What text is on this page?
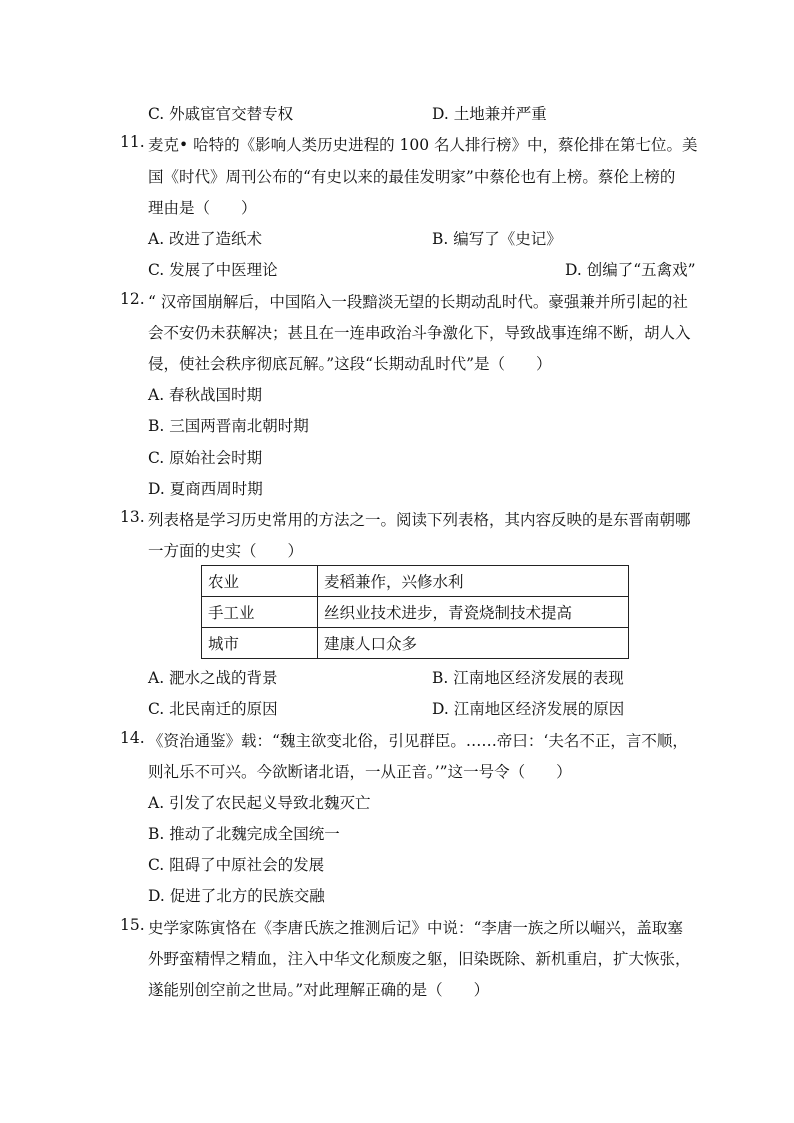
C. 外戚宦官交替专权	D. 土地兼并严重
11. 麦克• 哈特的《影响人类历史进程的 100 名人排行榜》中，蔡伦排在第七位。美
国《时代》周刊公布的“有史以来的最佳发明家”中蔡伦也有上榜。蔡伦上榜的
理由是（　　）
A. 改进了造纸术	B. 编写了《史记》
C. 发展了中医理论	D. 创编了“五禽戏”
12. “ 汉帝国崩解后，中国陷入一段黯淡无望的长期动乱时代。豪强兼并所引起的社
会不安仍未获解决；甚且在一连串政治斗争激化下，导致战事连绵不断，胡人入
侵，使社会秩序彻底瓦解。”这段“长期动乱时代”是（　　）
A. 春秋战国时期
B. 三国两晋南北朝时期
C. 原始社会时期
D. 夏商西周时期
13. 列表格是学习历史常用的方法之一。阅读下列表格，其内容反映的是东晋南朝哪
一方面的史实（　　）
农业	麦稻兼作，兴修水利
手工业	丝织业技术进步，青瓷烧制技术提高
城市	建康人口众多
A. 淝水之战的背景	B. 江南地区经济发展的表现
C. 北民南迁的原因	D. 江南地区经济发展的原因
14. 《资治通鉴》载：“魏主欲变北俗，引见群臣。……帝曰：‘夫名不正，言不顺，
则礼乐不可兴。今欲断诸北语，一从正音。’”这一号令（　　）
A. 引发了农民起义导致北魏灭亡
B. 推动了北魏完成全国统一
C. 阻碍了中原社会的发展
D. 促进了北方的民族交融
15. 史学家陈寅恪在《李唐氏族之推测后记》中说：“李唐一族之所以崛兴，盖取塞
外野蛮精悍之精血，注入中华文化颓废之躯，旧染既除、新机重启，扩大恢张，
遂能别创空前之世局。”对此理解正确的是（　　）
